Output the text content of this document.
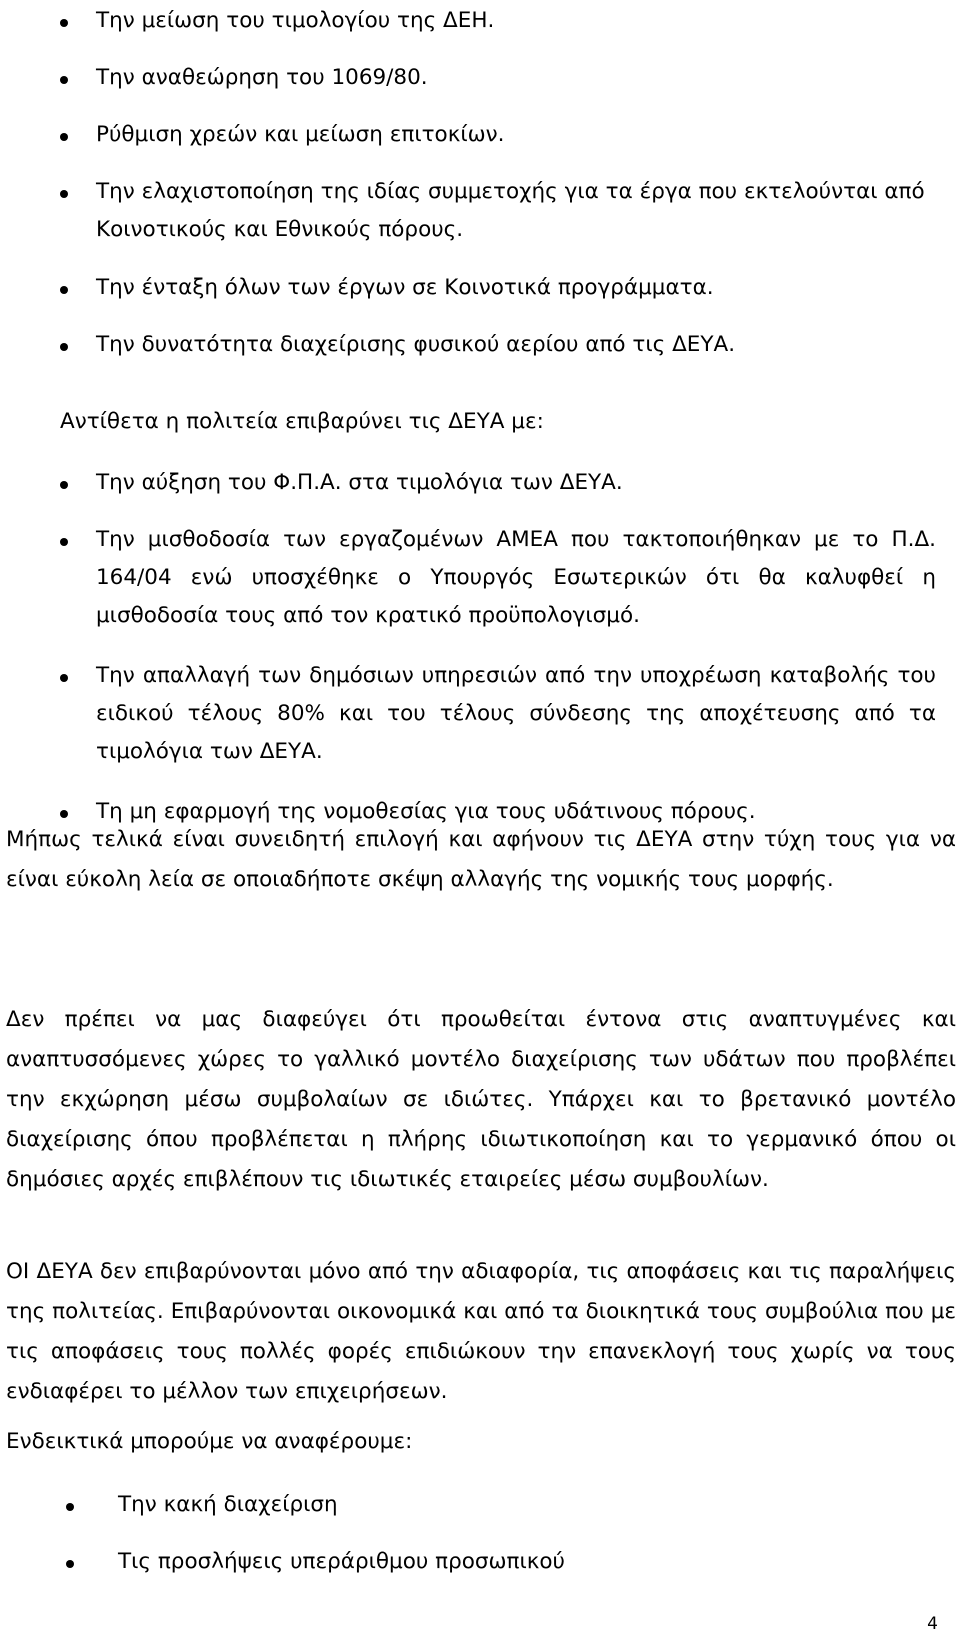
Την μείωση του τιμολογίου της ΔΕΗ.
Την αναθεώρηση του 1069/80.
Ρύθμιση χρεών και μείωση επιτοκίων.
Την ελαχιστοποίηση της ιδίας συμμετοχής για τα έργα που εκτελούνται από Κοινοτικούς και Εθνικούς πόρους.
Την ένταξη όλων των έργων σε Κοινοτικά προγράμματα.
Την δυνατότητα διαχείρισης φυσικού αερίου από τις ΔΕΥΑ.

Αντίθετα η πολιτεία επιβαρύνει τις ΔΕΥΑ με:

Την αύξηση του Φ.Π.Α. στα τιμολόγια των ΔΕΥΑ.
Την μισθοδοσία των εργαζομένων ΑΜΕΑ που τακτοποιήθηκαν με το Π.Δ. 164/04 ενώ υποσχέθηκε ο Υπουργός Εσωτερικών ότι θα καλυφθεί η μισθοδοσία τους από τον κρατικό προϋπολογισμό.
Την απαλλαγή των δημόσιων υπηρεσιών από την υποχρέωση καταβολής του ειδικού τέλους 80% και του τέλους σύνδεσης της αποχέτευσης από τα τιμολόγια των ΔΕΥΑ.
Τη μη εφαρμογή της νομοθεσίας για τους υδάτινους πόρους.

Μήπως τελικά είναι συνειδητή επιλογή και αφήνουν τις ΔΕΥΑ στην τύχη τους για να είναι εύκολη λεία σε οποιαδήποτε σκέψη αλλαγής της νομικής τους μορφής.

Δεν πρέπει να μας διαφεύγει ότι προωθείται έντονα στις αναπτυγμένες και αναπτυσσόμενες χώρες το γαλλικό μοντέλο διαχείρισης των υδάτων που προβλέπει την εκχώρηση μέσω συμβολαίων σε ιδιώτες. Υπάρχει και το βρετανικό μοντέλο διαχείρισης όπου προβλέπεται η πλήρης ιδιωτικοποίηση και το γερμανικό όπου οι δημόσιες αρχές επιβλέπουν τις ιδιωτικές εταιρείες μέσω συμβουλίων.

ΟΙ ΔΕΥΑ δεν επιβαρύνονται μόνο από την αδιαφορία, τις αποφάσεις και τις παραλήψεις της πολιτείας. Επιβαρύνονται οικονομικά και από τα διοικητικά τους συμβούλια που με τις αποφάσεις τους πολλές φορές επιδιώκουν την επανεκλογή τους χωρίς να τους ενδιαφέρει το μέλλον των επιχειρήσεων.

Ενδεικτικά μπορούμε να αναφέρουμε:

Την κακή διαχείριση
Τις προσλήψεις υπεράριθμου προσωπικού
4
